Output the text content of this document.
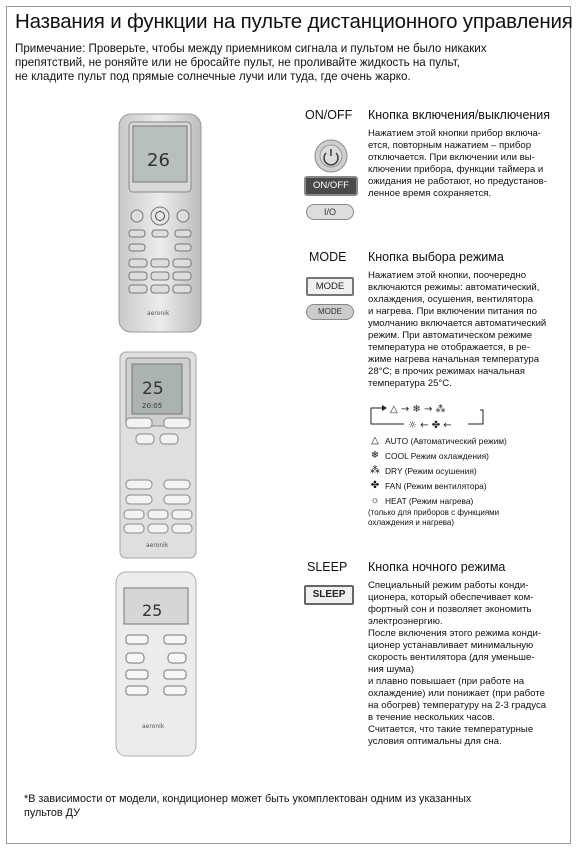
Названия и функции на пульте дистанционного управления
Примечание: Проверьте, чтобы между приемником сигнала и пультом не было никаких
препятствий, не роняйте или не бросайте пульт, не проливайте жидкость на пульт,
не кладите пульт под прямые солнечные лучи или туда, где очень жарко.
26
aeronik
25
20:05
aeronik
25
aeronik
ON/OFF Кнопка включения/выключения
ON/OFF
I/O
Нажатием этой кнопки прибор включа-
ется, повторным нажатием – прибор
отключается. При включении или вы-
ключении прибора, функции таймера и
ожидания не работают, но предустанов-
ленное время сохраняется.
MODE Кнопка выбора режима
MODE
MODE
Нажатием этой кнопки, поочередно
включаются режимы: автоматический,
охлаждения, осушения, вентилятора
и нагрева. При включении питания по
умолчанию включается автоматический
режим. При автоматическом режиме
температура не отображается, в ре-
жиме нагрева начальная температура
28°C; в прочих режимах начальная
температура 25°C.
△ → ❄ → ⁂
☼ ← ✤ ←
△ AUTO (Автоматический режим)
❄ COOL Режим охлаждения)
⁂ DRY (Режим осушения)
✤ FAN (Режим вентилятора)
☼ HEAT (Режим нагрева)
(только для приборов с функциями
охлаждения и нагрева)
SLEEP Кнопка ночного режима
SLEEP
Специальный режим работы конди-
ционера, который обеспечивает ком-
фортный сон и позволяет экономить
электроэнергию.
После включения этого режима конди-
ционер устанавливает минимальную
скорость вентилятора (для уменьше-
ния шума)
и плавно повышает (при работе на
охлаждение) или понижает (при работе
на обогрев) температуру на 2-3 градуса
в течение нескольких часов.
Считается, что такие температурные
условия оптимальны для сна.
*В зависимости от модели, кондиционер может быть укомплектован одним из указанных
пультов ДУ
